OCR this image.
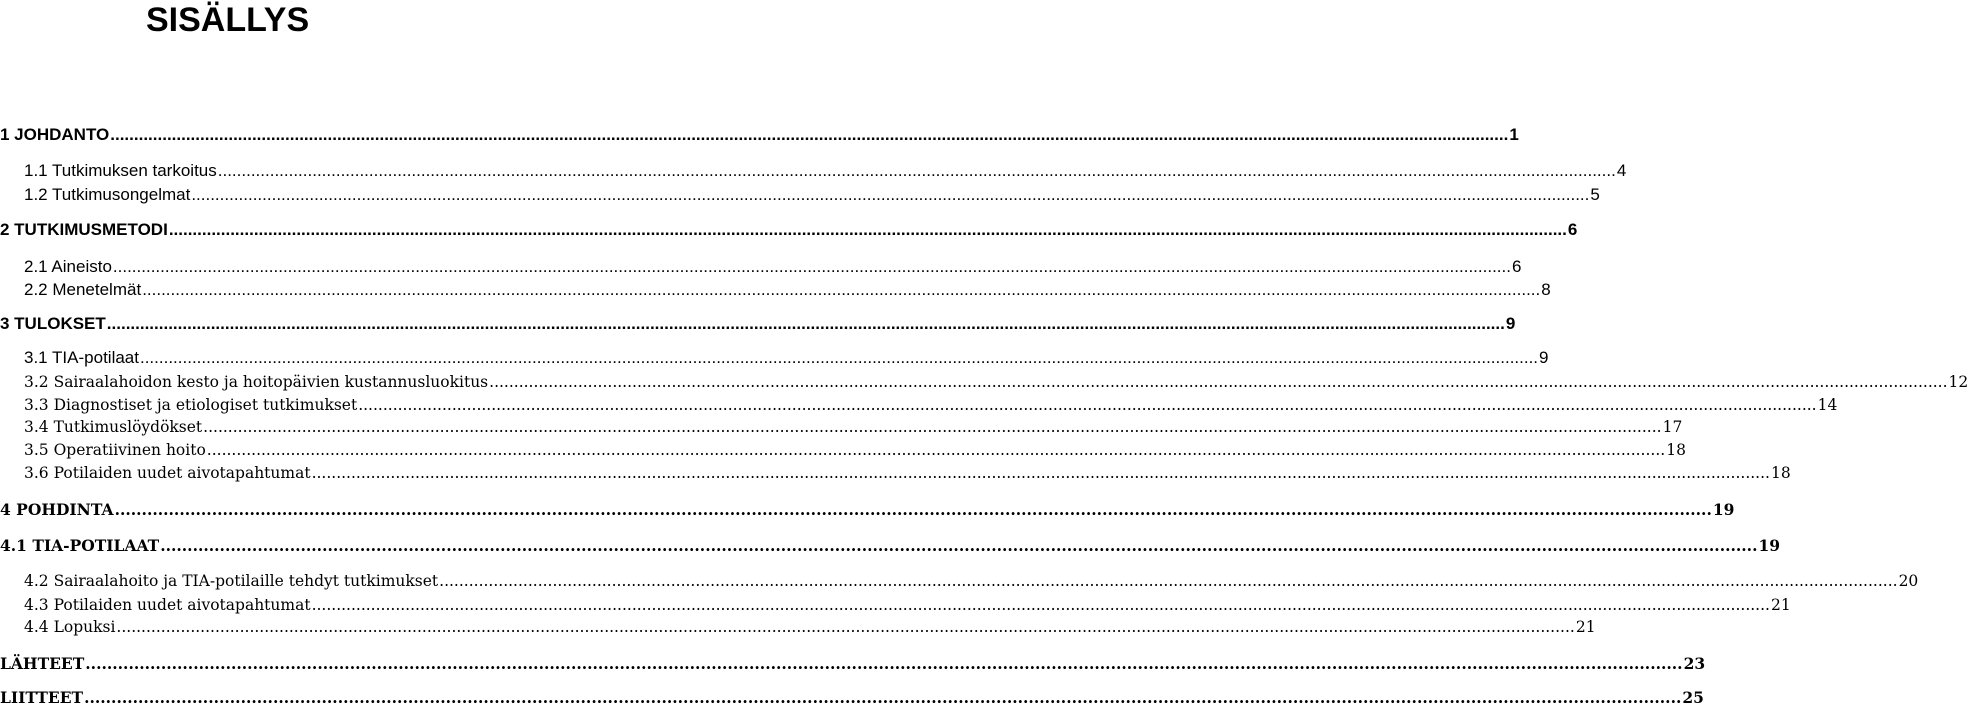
SISÄLLYS
1 JOHDANTO .....	1
1.1 Tutkimuksen tarkoitus .....	4
1.2 Tutkimusongelmat .....	5
2 TUTKIMUSMETODI .....	6
2.1 Aineisto .....	6
2.2 Menetelmät .....	8
3 TULOKSET .....	9
3.1 TIA-potilaat .....	9
3.2 Sairaalahoidon kesto ja hoitopäivien kustannusluokitus .....	12
3.3 Diagnostiset ja etiologiset tutkimukset .....	14
3.4 Tutkimuslöydökset .....	17
3.5 Operatiivinen hoito .....	18
3.6 Potilaiden uudet aivotapahtumat .....	18
4 POHDINTA .....	19
4.1 TIA-POTILAAT .....	19
4.2 Sairaalahoito ja TIA-potilaille tehdyt tutkimukset .....	20
4.3 Potilaiden uudet aivotapahtumat .....	21
4.4 Lopuksi .....	21
LÄHTEET .....	23
LIITTEET .....	25
